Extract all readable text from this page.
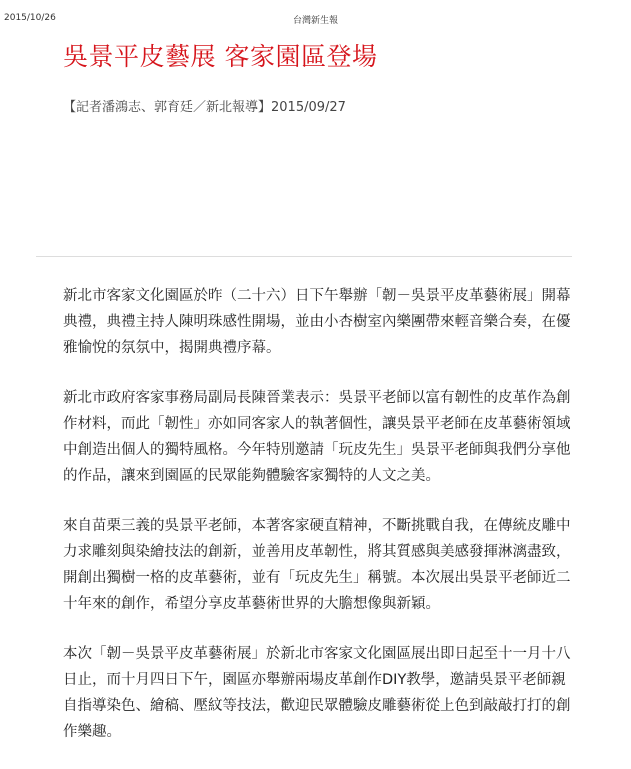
2015/10/26	台灣新生報
吳景平皮藝展 客家園區登場
【記者潘鴻志、郭育廷／新北報導】2015/09/27

新北市客家文化園區於昨（二十六）日下午舉辦「韌－吳景平皮革藝術展」開幕典禮，典禮主持人陳明珠感性開場，並由小杏樹室內樂團帶來輕音樂合奏，在優雅愉悅的氛氛中，揭開典禮序幕。

新北市政府客家事務局副局長陳晉業表示：吳景平老師以富有韌性的皮革作為創作材料，而此「韌性」亦如同客家人的執著個性，讓吳景平老師在皮革藝術領域中創造出個人的獨特風格。今年特別邀請「玩皮先生」吳景平老師與我們分享他的作品，讓來到園區的民眾能夠體驗客家獨特的人文之美。

來自苗栗三義的吳景平老師，本著客家硬直精神，不斷挑戰自我，在傳統皮雕中力求雕刻與染繪技法的創新，並善用皮革韌性，將其質感與美感發揮淋漓盡致，開創出獨樹一格的皮革藝術，並有「玩皮先生」稱號。本次展出吳景平老師近二十年來的創作，希望分享皮革藝術世界的大膽想像與新穎。

本次「韌－吳景平皮革藝術展」於新北市客家文化園區展出即日起至十一月十八日止，而十月四日下午，園區亦舉辦兩場皮革創作DIY教學，邀請吳景平老師親自指導染色、繪稿、壓紋等技法，歡迎民眾體驗皮雕藝術從上色到敲敲打打的創作樂趣。
